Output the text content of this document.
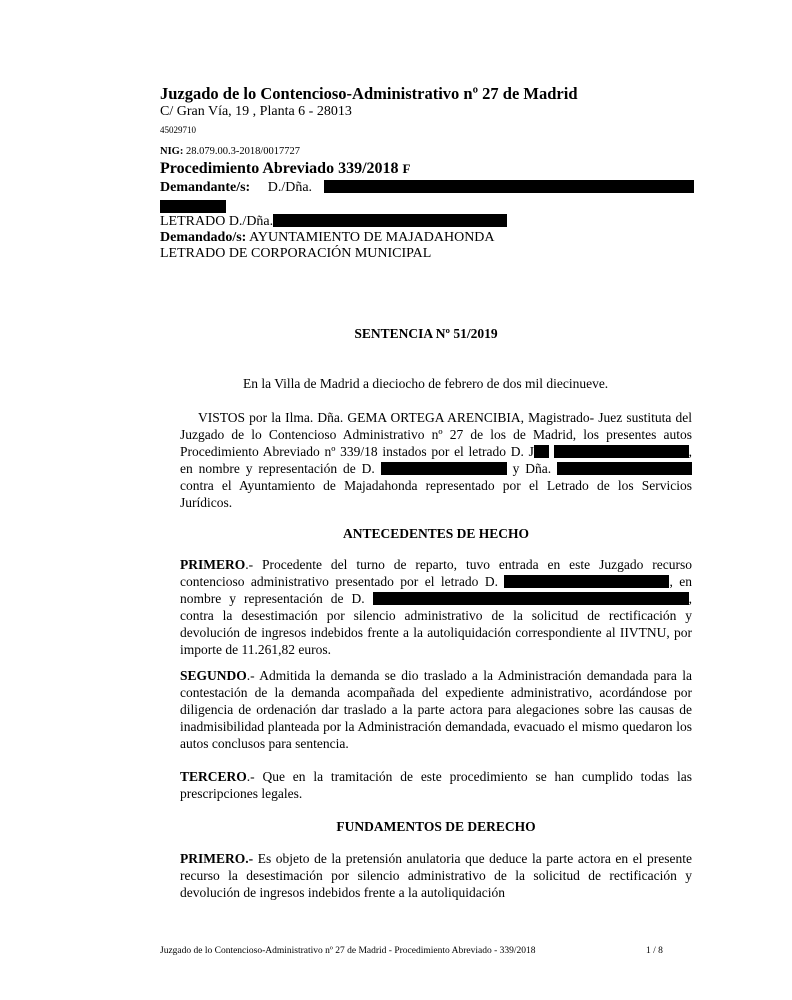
Juzgado de lo Contencioso-Administrativo nº 27 de Madrid
C/ Gran Vía, 19 , Planta 6 - 28013
45029710
NIG: 28.079.00.3-2018/0017727
Procedimiento Abreviado 339/2018 F
Demandante/s: D./Dña.
LETRADO D./Dña.
Demandado/s: AYUNTAMIENTO DE MAJADAHONDA
LETRADO DE CORPORACIÓN MUNICIPAL
SENTENCIA Nº 51/2019
En la Villa de Madrid a dieciocho de febrero de dos mil diecinueve.
VISTOS por la Ilma. Dña. GEMA ORTEGA ARENCIBIA, Magistrado- Juez sustituta del Juzgado de lo Contencioso Administrativo nº 27 de los de Madrid, los presentes autos Procedimiento Abreviado nº 339/18 instados por el letrado D. J	, en nombre y representación de D.	y Dña.  contra el Ayuntamiento de Majadahonda representado por el Letrado de los Servicios Jurídicos.
ANTECEDENTES DE HECHO
PRIMERO.- Procedente del turno de reparto, tuvo entrada en este Juzgado recurso contencioso administrativo presentado por el letrado D.	, en nombre y representación de D.	, contra la desestimación por silencio administrativo de la solicitud de rectificación y devolución de ingresos indebidos frente a la autoliquidación correspondiente al IIVTNU, por importe de 11.261,82 euros.
SEGUNDO.- Admitida la demanda se dio traslado a la Administración demandada para la contestación de la demanda acompañada del expediente administrativo, acordándose por diligencia de ordenación dar traslado a la parte actora para alegaciones sobre las causas de inadmisibilidad planteada por la Administración demandada, evacuado el mismo quedaron los autos conclusos para sentencia.
TERCERO.- Que en la tramitación de este procedimiento se han cumplido todas las prescripciones legales.
FUNDAMENTOS DE DERECHO
PRIMERO.- Es objeto de la pretensión anulatoria que deduce la parte actora en el presente recurso la desestimación por silencio administrativo de la solicitud de rectificación y devolución de ingresos indebidos frente a la autoliquidación
Juzgado de lo Contencioso-Administrativo nº 27 de Madrid - Procedimiento Abreviado - 339/2018	1 / 8
